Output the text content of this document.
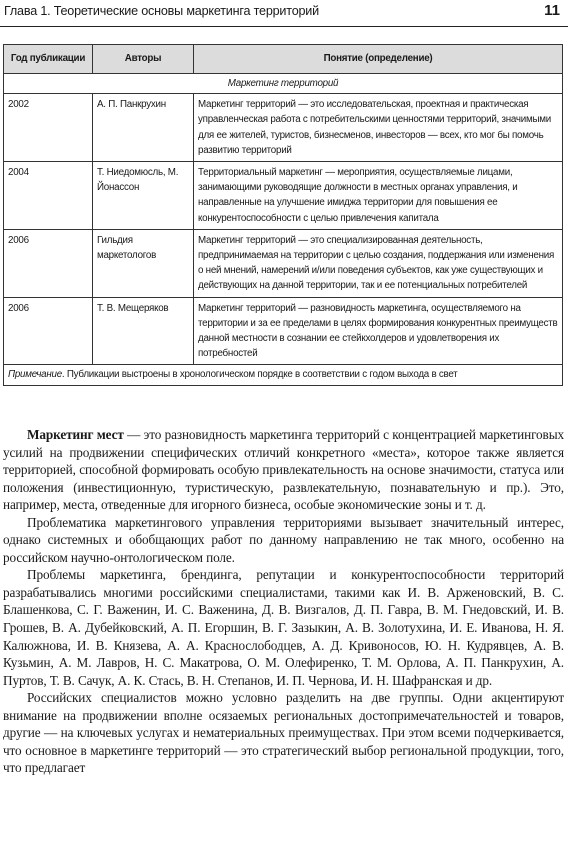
Глава 1. Теоретические основы маркетинга территорий	11
Год публикации	Авторы	Понятие (определение)
Маркетинг территорий		
2002	А. П. Панкрухин	Маркетинг территорий — это исследовательская, проектная и практическая управленческая работа с потребительскими ценностями территорий, значимыми для ее жителей, туристов, бизнесменов, инвесторов — всех, кто мог бы помочь развитию территорий
2004	Т. Ниедомюсль, М. Йонассон	Территориальный маркетинг — мероприятия, осуществляемые лицами, занимающими руководящие должности в местных органах управления, и направленные на улучшение имиджа территории для повышения ее конкурентоспособности с целью привлечения капитала
2006	Гильдия маркетологов	Маркетинг территорий — это специализированная деятельность, предпринимаемая на территории с целью создания, поддержания или изменения о ней мнений, намерений и/или поведения субъектов, как уже существующих и действующих на данной территории, так и ее потенциальных потребителей
2006	Т. В. Мещеряков	Маркетинг территорий — разновидность маркетинга, осуществляемого на территории и за ее пределами в целях формирования конкурентных преимуществ данной местности в сознании ее стейкхолдеров и удовлетворения их потребностей
Примечание. Публикации выстроены в хронологическом порядке в соответствии с годом выхода в свет		

Маркетинг мест — это разновидность маркетинга территорий с концентрацией маркетинговых усилий на продвижении специфических отличий конкретного «места», которое также является территорией, способной формировать особую привлекательность на основе значимости, статуса или положения (инвестиционную, туристическую, развлекательную, познавательную и пр.). Это, например, места, отведенные для игорного бизнеса, особые экономические зоны и т. д.

Проблематика маркетингового управления территориями вызывает значительный интерес, однако системных и обобщающих работ по данному направлению не так много, особенно на российском научно-онтологическом поле.

Проблемы маркетинга, брендинга, репутации и конкурентоспособности территорий разрабатывались многими российскими специалистами, такими как И. В. Арженовский, В. С. Блашенкова, С. Г. Важенин, И. С. Важенина, Д. В. Визгалов, Д. П. Гавра, В. М. Гнедовский, И. В. Грошев, В. А. Дубейковский, А. П. Егоршин, В. Г. Зазыкин, А. В. Золотухина, И. Е. Иванова, Н. Я. Калюжнова, И. В. Князева, А. А. Краснослободцев, А. Д. Кривоносов, Ю. Н. Кудрявцев, А. В. Кузьмин, А. М. Лавров, Н. С. Макатрова, О. М. Олефиренко, Т. М. Орлова, А. П. Панкрухин, А. Пуртов, Т. В. Сачук, А. К. Стась, В. Н. Степанов, И. П. Чернова, И. Н. Шафранская и др.

Российских специалистов можно условно разделить на две группы. Одни акцентируют внимание на продвижении вполне осязаемых региональных достопримечательностей и товаров, другие — на ключевых услугах и нематериальных преимуществах. При этом всеми подчеркивается, что основное в маркетинге территорий — это стратегический выбор региональной продукции, того, что предлагает
